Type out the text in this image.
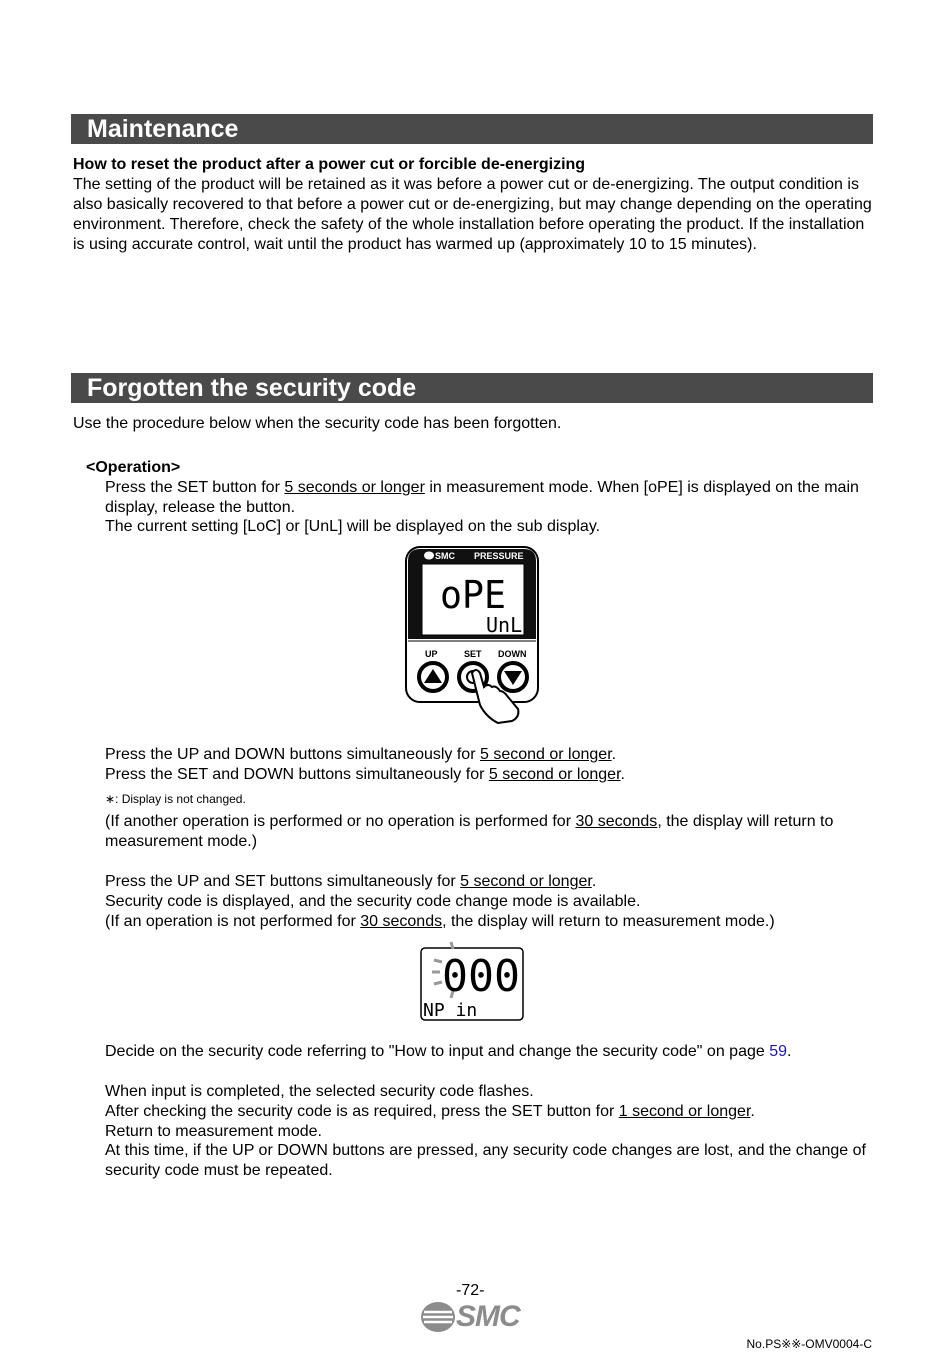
Maintenance
How to reset the product after a power cut or forcible de-energizing
The setting of the product will be retained as it was before a power cut or de-energizing. The output condition is also basically recovered to that before a power cut or de-energizing, but may change depending on the operating environment. Therefore, check the safety of the whole installation before operating the product. If the installation is using accurate control, wait until the product has warmed up (approximately 10 to 15 minutes).
Forgotten the security code
Use the procedure below when the security code has been forgotten.
<Operation>
Press the SET button for 5 seconds or longer in measurement mode. When [oPE] is displayed on the main display, release the button.
The current setting [LoC] or [UnL] will be displayed on the sub display.
SMC PRESSURE
oPE
UnL
UP	SET DOWN
Press the UP and DOWN buttons simultaneously for 5 second or longer.
Press the SET and DOWN buttons simultaneously for 5 second or longer.
∗: Display is not changed.
(If another operation is performed or no operation is performed for 30 seconds, the display will return to measurement mode.)
Press the UP and SET buttons simultaneously for 5 second or longer.
Security code is displayed, and the security code change mode is available.
(If an operation is not performed for 30 seconds, the display will return to measurement mode.)
000
NP in
Decide on the security code referring to "How to input and change the security code" on page 59.
When input is completed, the selected security code flashes.
After checking the security code is as required, press the SET button for 1 second or longer.
Return to measurement mode.
At this time, if the UP or DOWN buttons are pressed, any security code changes are lost, and the change of security code must be repeated.
-72-
SMC
No.PS※※-OMV0004-C
